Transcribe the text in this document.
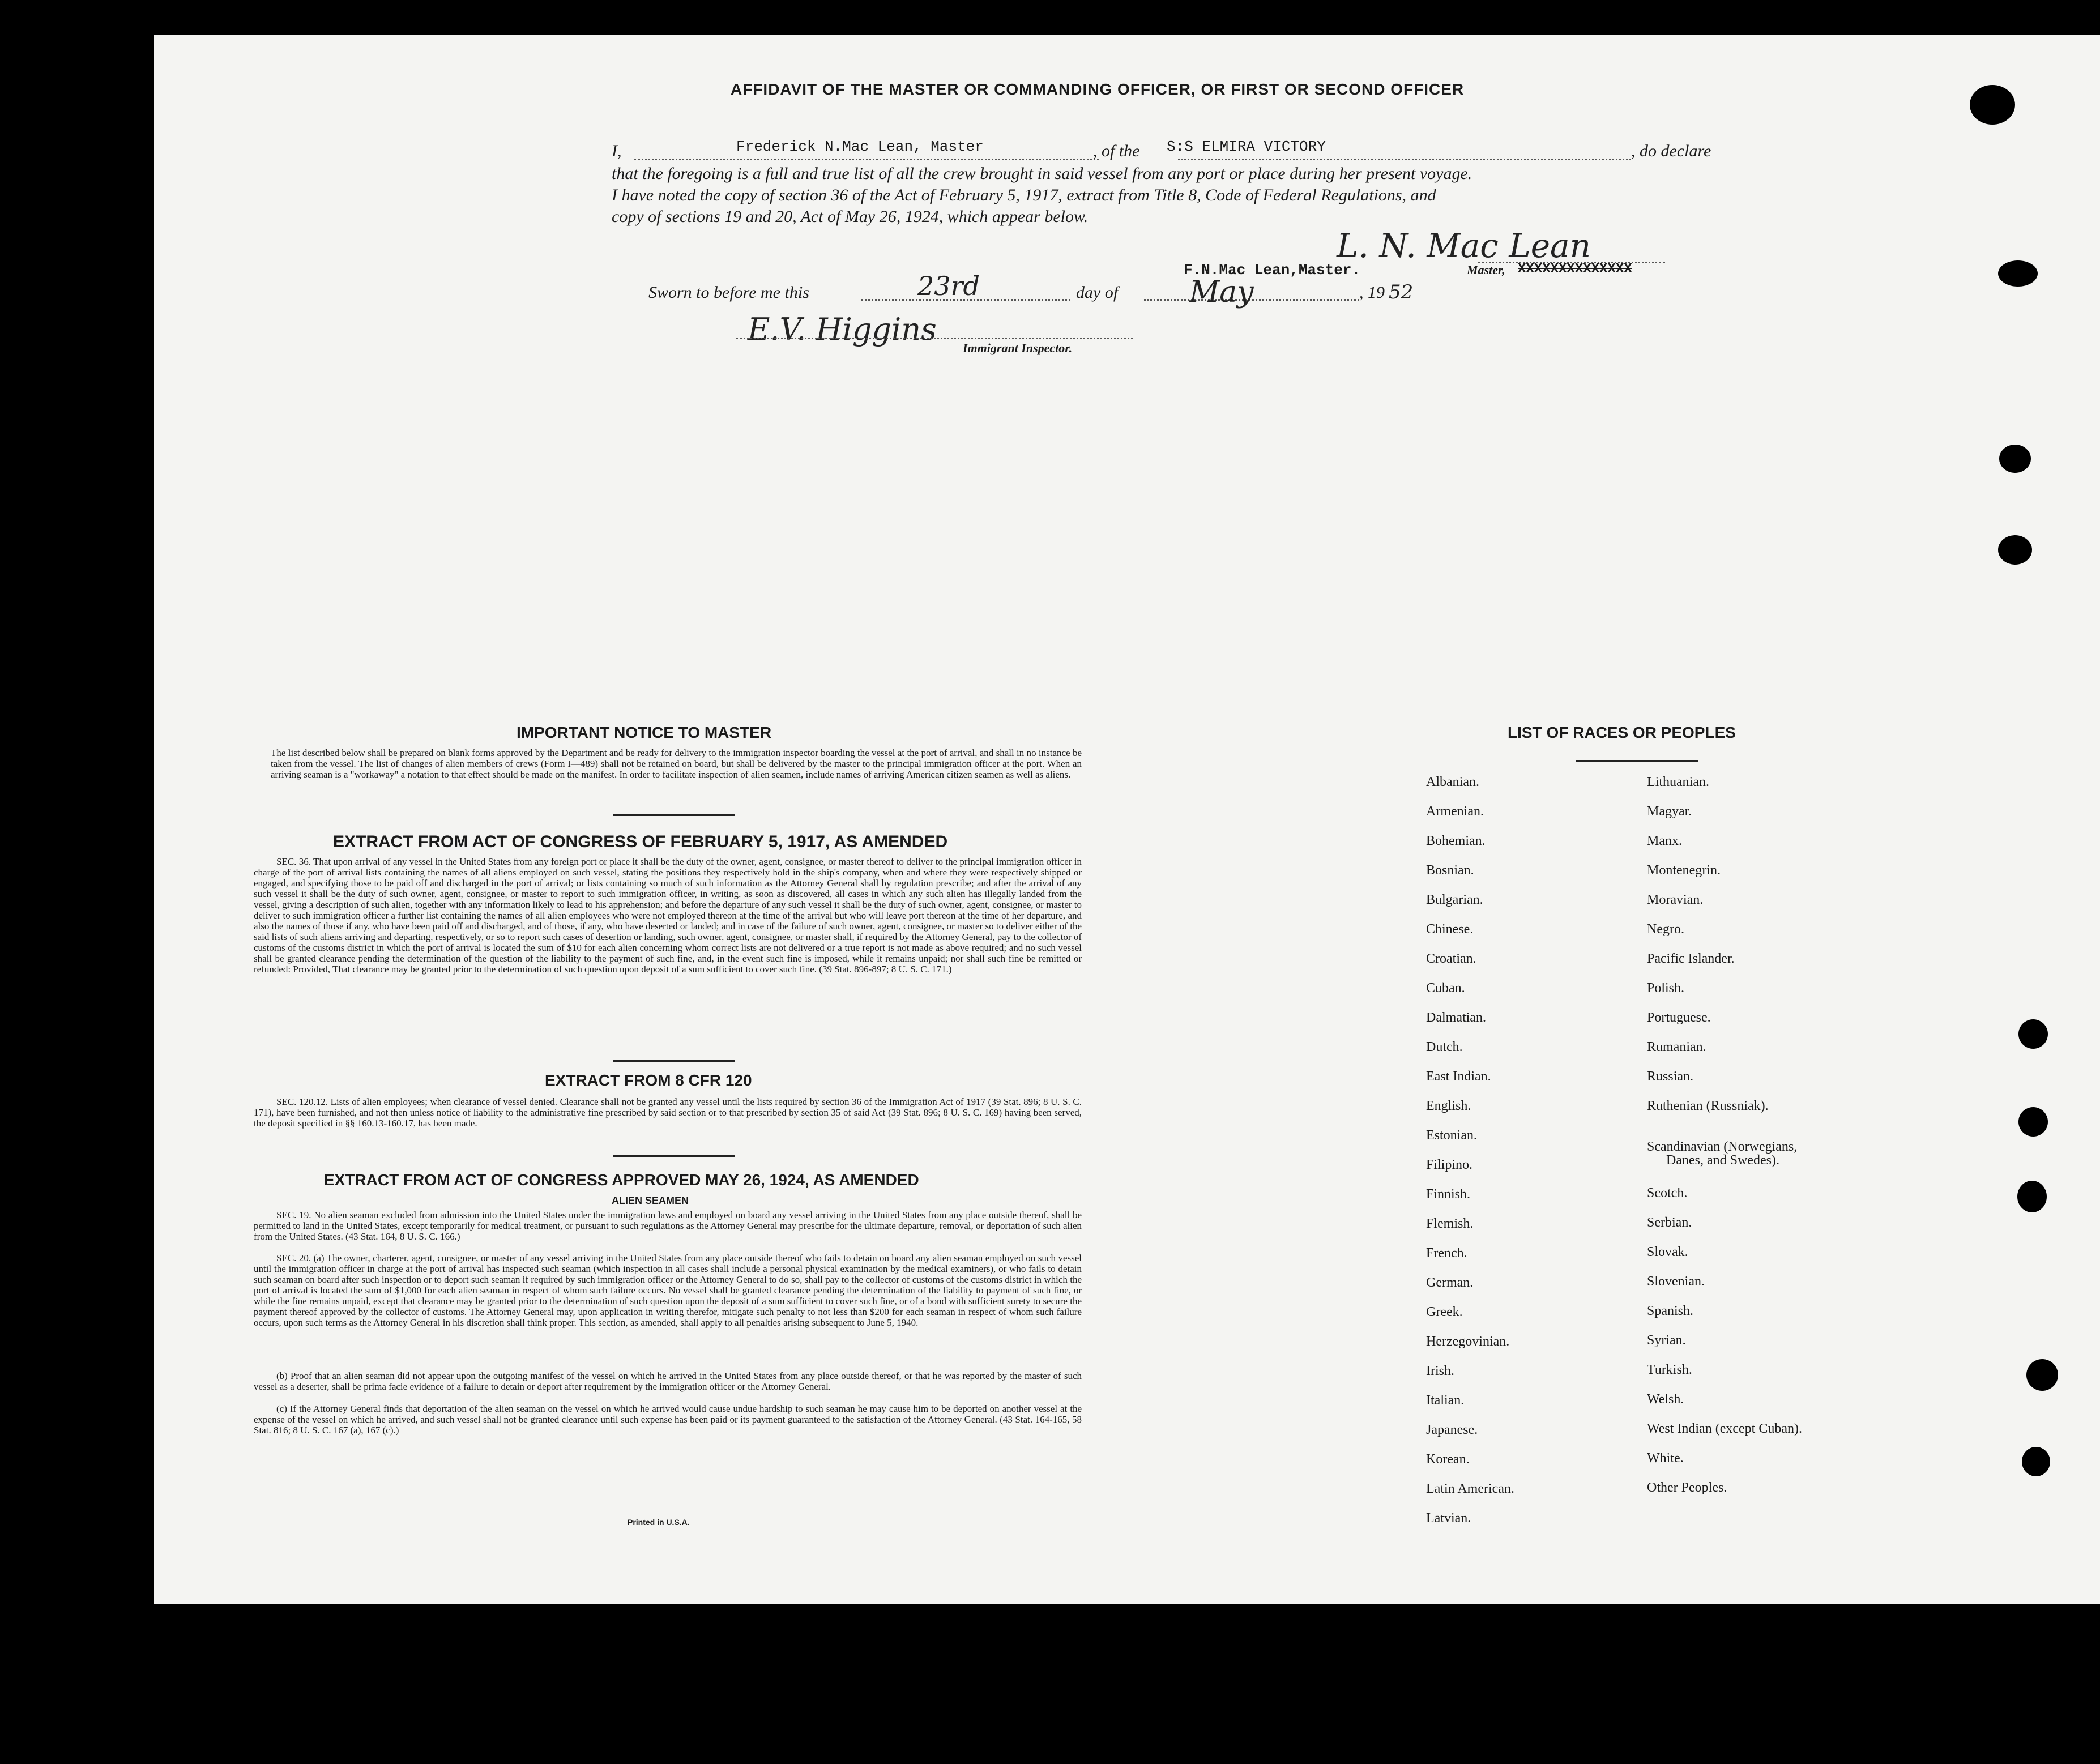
AFFIDAVIT OF THE MASTER OR COMMANDING OFFICER, OR FIRST OR SECOND OFFICER
I,	Frederick N.Mac Lean, Master	, of the S:S ELMIRA VICTORY	, do declare
that the foregoing is a full and true list of all the crew brought in said vessel from any port or place during her present voyage.
I have noted the copy of section 36 of the Act of February 5, 1917, extract from Title 8, Code of Federal Regulations, and
copy of sections 19 and 20, Act of May 26, 1924, which appear below.
L. N. Mac Lean
F.N.Mac Lean,Master.	Master, XXXXXXXXXXXXXX
Sworn to before me this	23rd	day of May	, 19 52
E.V. Higgins
Immigrant Inspector.
IMPORTANT NOTICE TO MASTER
The list described below shall be prepared on blank forms approved by the Department and be ready for delivery to the immigration inspector boarding the vessel at the port of arrival, and shall in no instance be taken from the vessel. The list of changes of alien members of crews (Form I—489) shall not be retained on board, but shall be delivered by the master to the principal immigration officer at the port. When an arriving seaman is a "workaway" a notation to that effect should be made on the manifest. In order to facilitate inspection of alien seamen, include names of arriving American citizen seamen as well as aliens.
EXTRACT FROM ACT OF CONGRESS OF FEBRUARY 5, 1917, AS AMENDED
SEC. 36. That upon arrival of any vessel in the United States from any foreign port or place it shall be the duty of the owner, agent, consignee, or master thereof to deliver to the principal immigration officer in charge of the port of arrival lists containing the names of all aliens employed on such vessel, stating the positions they respectively hold in the ship's company, when and where they were respectively shipped or engaged, and specifying those to be paid off and discharged in the port of arrival; or lists containing so much of such information as the Attorney General shall by regulation prescribe; and after the arrival of any such vessel it shall be the duty of such owner, agent, consignee, or master to report to such immigration officer, in writing, as soon as discovered, all cases in which any such alien has illegally landed from the vessel, giving a description of such alien, together with any information likely to lead to his apprehension; and before the departure of any such vessel it shall be the duty of such owner, agent, consignee, or master to deliver to such immigration officer a further list containing the names of all alien employees who were not employed thereon at the time of the arrival but who will leave port thereon at the time of her departure, and also the names of those if any, who have been paid off and discharged, and of those, if any, who have deserted or landed; and in case of the failure of such owner, agent, consignee, or master so to deliver either of the said lists of such aliens arriving and departing, respectively, or so to report such cases of desertion or landing, such owner, agent, consignee, or master shall, if required by the Attorney General, pay to the collector of customs of the customs district in which the port of arrival is located the sum of $10 for each alien concerning whom correct lists are not delivered or a true report is not made as above required; and no such vessel shall be granted clearance pending the determination of the question of the liability to the payment of such fine, and, in the event such fine is imposed, while it remains unpaid; nor shall such fine be remitted or refunded: Provided, That clearance may be granted prior to the determination of such question upon deposit of a sum sufficient to cover such fine. (39 Stat. 896-897; 8 U. S. C. 171.)
EXTRACT FROM 8 CFR 120
SEC. 120.12. Lists of alien employees; when clearance of vessel denied. Clearance shall not be granted any vessel until the lists required by section 36 of the Immigration Act of 1917 (39 Stat. 896; 8 U. S. C. 171), have been furnished, and not then unless notice of liability to the administrative fine prescribed by said section or to that prescribed by section 35 of said Act (39 Stat. 896; 8 U. S. C. 169) having been served, the deposit specified in §§ 160.13-160.17, has been made.
EXTRACT FROM ACT OF CONGRESS APPROVED MAY 26, 1924, AS AMENDED
ALIEN SEAMEN
SEC. 19. No alien seaman excluded from admission into the United States under the immigration laws and employed on board any vessel arriving in the United States from any place outside thereof, shall be permitted to land in the United States, except temporarily for medical treatment, or pursuant to such regulations as the Attorney General may prescribe for the ultimate departure, removal, or deportation of such alien from the United States. (43 Stat. 164, 8 U. S. C. 166.)
SEC. 20. (a) The owner, charterer, agent, consignee, or master of any vessel arriving in the United States from any place outside thereof who fails to detain on board any alien seaman employed on such vessel until the immigration officer in charge at the port of arrival has inspected such seaman (which inspection in all cases shall include a personal physical examination by the medical examiners), or who fails to detain such seaman on board after such inspection or to deport such seaman if required by such immigration officer or the Attorney General to do so, shall pay to the collector of customs of the customs district in which the port of arrival is located the sum of $1,000 for each alien seaman in respect of whom such failure occurs. No vessel shall be granted clearance pending the determination of the liability to payment of such fine, or while the fine remains unpaid, except that clearance may be granted prior to the determination of such question upon the deposit of a sum sufficient to cover such fine, or of a bond with sufficient surety to secure the payment thereof approved by the collector of customs. The Attorney General may, upon application in writing therefor, mitigate such penalty to not less than $200 for each seaman in respect of whom such failure occurs, upon such terms as the Attorney General in his discretion shall think proper. This section, as amended, shall apply to all penalties arising subsequent to June 5, 1940.
(b) Proof that an alien seaman did not appear upon the outgoing manifest of the vessel on which he arrived in the United States from any place outside thereof, or that he was reported by the master of such vessel as a deserter, shall be prima facie evidence of a failure to detain or deport after requirement by the immigration officer or the Attorney General.
(c) If the Attorney General finds that deportation of the alien seaman on the vessel on which he arrived would cause undue hardship to such seaman he may cause him to be deported on another vessel at the expense of the vessel on which he arrived, and such vessel shall not be granted clearance until such expense has been paid or its payment guaranteed to the satisfaction of the Attorney General. (43 Stat. 164-165, 58 Stat. 816; 8 U. S. C. 167 (a), 167 (c).)
Printed in U.S.A.
LIST OF RACES OR PEOPLES
Albanian.
Armenian.
Bohemian.
Bosnian.
Bulgarian.
Chinese.
Croatian.
Cuban.
Dalmatian.
Dutch.
East Indian.
English.
Estonian.
Filipino.
Finnish.
Flemish.
French.
German.
Greek.
Herzegovinian.
Irish.
Italian.
Japanese.
Korean.
Latin American.
Latvian.
Lithuanian.
Magyar.
Manx.
Montenegrin.
Moravian.
Negro.
Pacific Islander.
Polish.
Portuguese.
Rumanian.
Russian.
Ruthenian (Russniak).
Scandinavian (Norwegians,
Danes, and Swedes).
Scotch.
Serbian.
Slovak.
Slovenian.
Spanish.
Syrian.
Turkish.
Welsh.
West Indian (except Cuban).
White.
Other Peoples.
